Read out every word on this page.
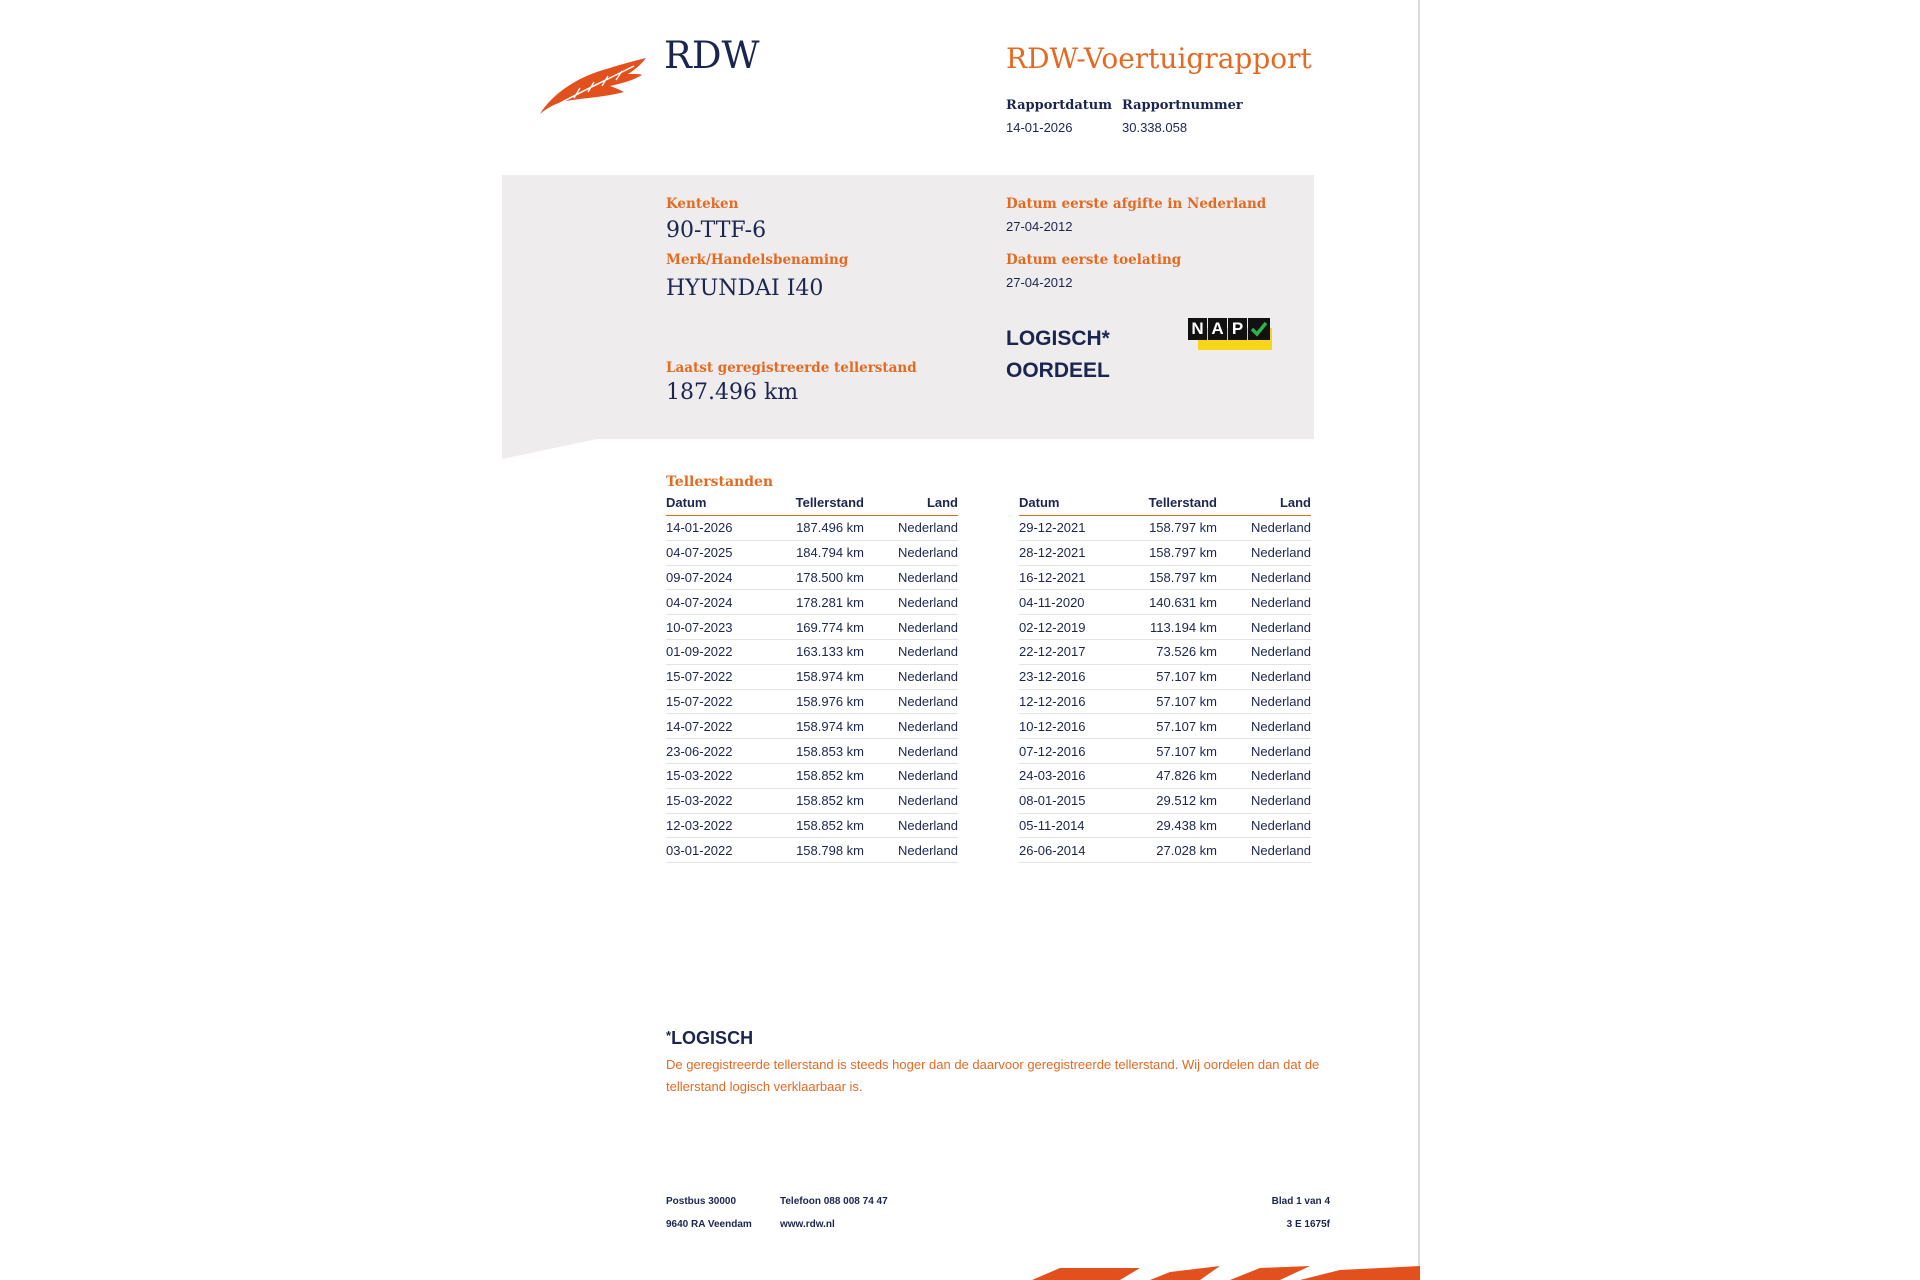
RDW	RDW-Voertuigrapport
Rapportdatum Rapportnummer
14-01-2026	30.338.058
Kenteken
90-TTF-6
Merk/Handelsbenaming
HYUNDAI I40
Laatst geregistreerde tellerstand
187.496 km
Datum eerste afgifte in Nederland
27-04-2012
Datum eerste toelating
27-04-2012
LOGISCH*
OORDEEL
N A P
Tellerstanden
Datum	Tellerstand	Land
14-01-2026	187.496 km	Nederland
04-07-2025	184.794 km	Nederland
09-07-2024	178.500 km	Nederland
04-07-2024	178.281 km	Nederland
10-07-2023	169.774 km	Nederland
01-09-2022	163.133 km	Nederland
15-07-2022	158.974 km	Nederland
15-07-2022	158.976 km	Nederland
14-07-2022	158.974 km	Nederland
23-06-2022	158.853 km	Nederland
15-03-2022	158.852 km	Nederland
15-03-2022	158.852 km	Nederland
12-03-2022	158.852 km	Nederland
03-01-2022	158.798 km	Nederland
Datum	Tellerstand	Land
29-12-2021	158.797 km	Nederland
28-12-2021	158.797 km	Nederland
16-12-2021	158.797 km	Nederland
04-11-2020	140.631 km	Nederland
02-12-2019	113.194 km	Nederland
22-12-2017	73.526 km	Nederland
23-12-2016	57.107 km	Nederland
12-12-2016	57.107 km	Nederland
10-12-2016	57.107 km	Nederland
07-12-2016	57.107 km	Nederland
24-03-2016	47.826 km	Nederland
08-01-2015	29.512 km	Nederland
05-11-2014	29.438 km	Nederland
26-06-2014	27.028 km	Nederland
*LOGISCH
De geregistreerde tellerstand is steeds hoger dan de daarvoor geregistreerde tellerstand. Wij oordelen dan dat de tellerstand logisch verklaarbaar is.
Postbus 30000
9640 RA Veendam
Telefoon 088 008 74 47
www.rdw.nl
Blad 1 van 4
3 E 1675f
